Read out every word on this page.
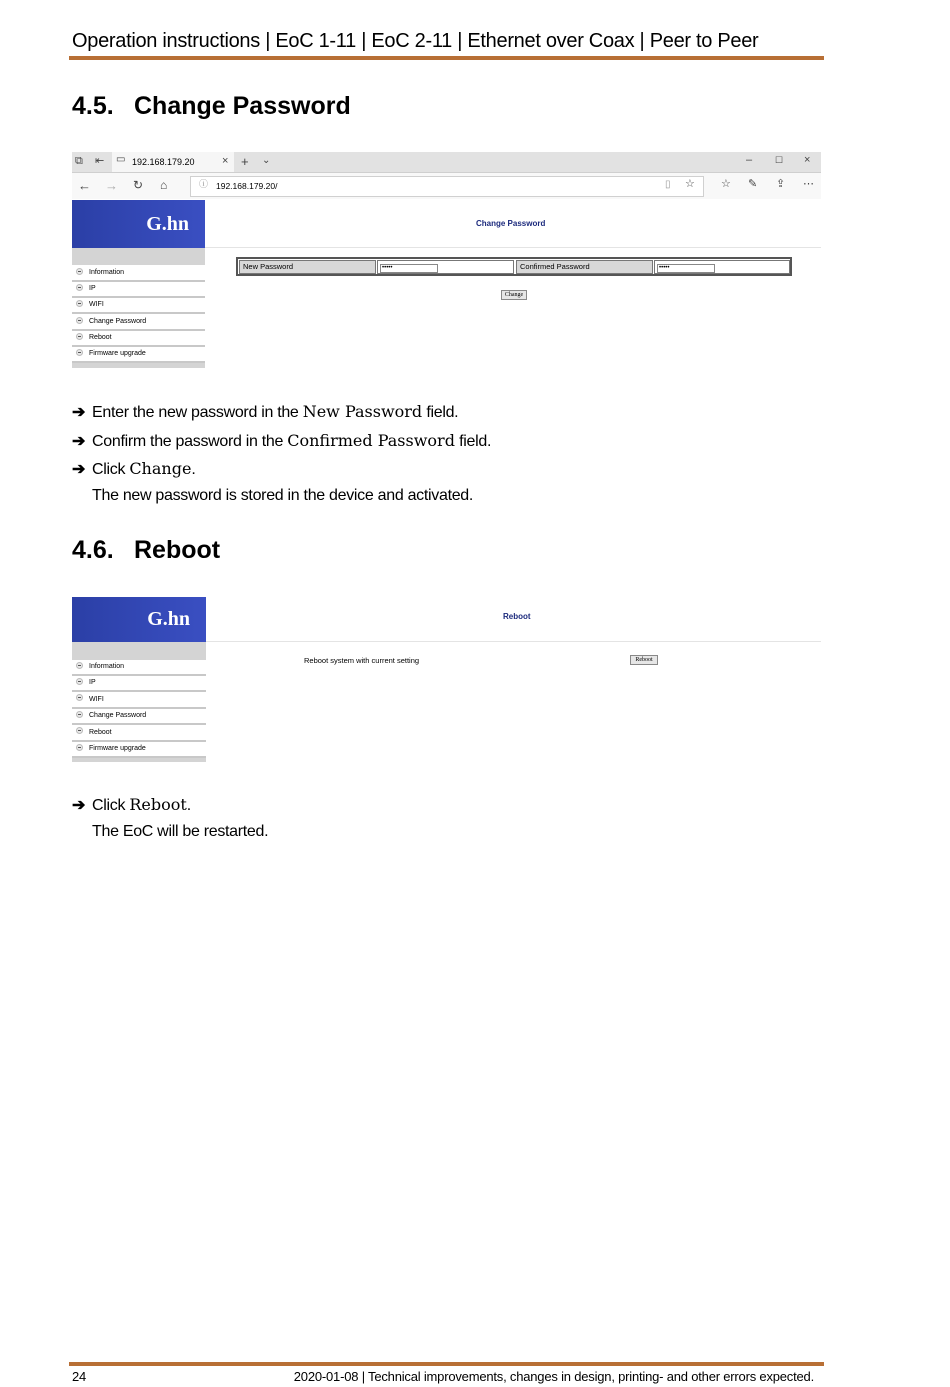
Operation instructions | EoC 1-11 | EoC 2-11 | Ethernet over Coax | Peer to Peer
4.5. Change Password
⧉ ⇤ ▭ 192.168.179.20 × + ⌄	–	☐ ×
← → ↻ ⌂	ⓘ 192.168.179.20/	▯ ☆ ☆ ✎ ⇪ ⋯
G.hn	Change Password
Information
IP
WIFI
Change Password
Reboot
Firmware upgrade
New Password	•••••	Confirmed Password	•••••
Change
➔ Enter the new password in the New Password field.
➔ Confirm the password in the Confirmed Password field.
➔ Click Change.
The new password is stored in the device and activated.
4.6. Reboot
G.hn	Reboot
Information
IP
WIFI
Change Password
Reboot
Firmware upgrade
Reboot system with current setting	Reboot
➔ Click Reboot.
The EoC will be restarted.
24	2020-01-08 | Technical improvements, changes in design, printing- and other errors expected.
